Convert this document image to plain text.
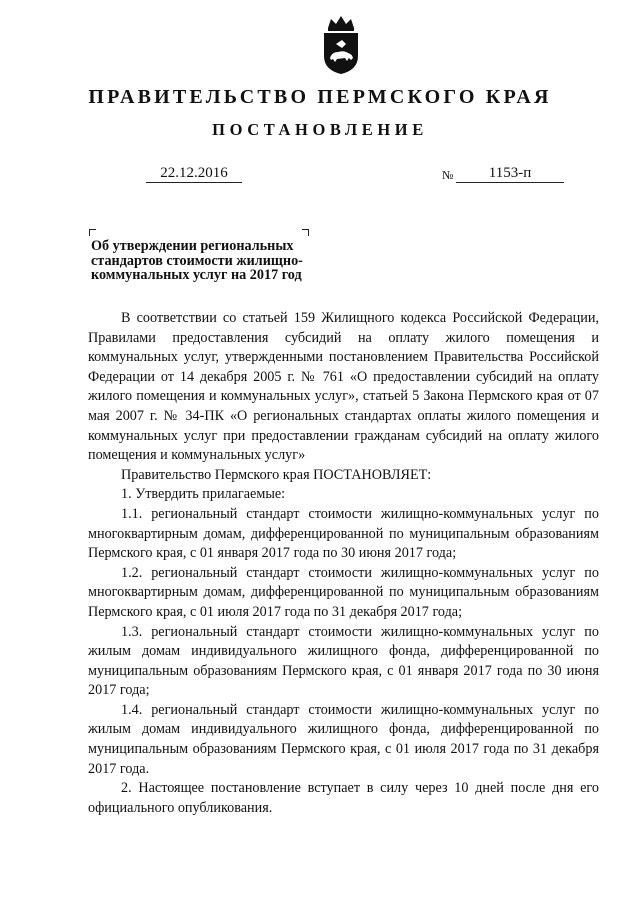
ПРАВИТЕЛЬСТВО ПЕРМСКОГО КРАЯ
ПОСТАНОВЛЕНИЕ
22.12.2016	№	1153-п
Об утверждении региональных стандартов стоимости жилищно-коммунальных услуг на 2017 год

В соответствии со статьей 159 Жилищного кодекса Российской Федерации, Правилами предоставления субсидий на оплату жилого помещения и коммунальных услуг, утвержденными постановлением Правительства Российской Федерации от 14 декабря 2005 г. № 761 «О предоставлении субсидий на оплату жилого помещения и коммунальных услуг», статьей 5 Закона Пермского края от 07 мая 2007 г. № 34-ПК «О региональных стандартах оплаты жилого помещения и коммунальных услуг при предоставлении гражданам субсидий на оплату жилого помещения и коммунальных услуг»

Правительство Пермского края ПОСТАНОВЛЯЕТ:

1. Утвердить прилагаемые:

1.1. региональный стандарт стоимости жилищно-коммунальных услуг по многоквартирным домам, дифференцированной по муниципальным образованиям Пермского края, с 01 января 2017 года по 30 июня 2017 года;

1.2. региональный стандарт стоимости жилищно-коммунальных услуг по многоквартирным домам, дифференцированной по муниципальным образованиям Пермского края, с 01 июля 2017 года по 31 декабря 2017 года;

1.3. региональный стандарт стоимости жилищно-коммунальных услуг по жилым домам индивидуального жилищного фонда, дифференцированной по муниципальным образованиям Пермского края, с 01 января 2017 года по 30 июня 2017 года;

1.4. региональный стандарт стоимости жилищно-коммунальных услуг по жилым домам индивидуального жилищного фонда, дифференцированной по муниципальным образованиям Пермского края, с 01 июля 2017 года по 31 декабря 2017 года.

2. Настоящее постановление вступает в силу через 10 дней после дня его официального опубликования.
